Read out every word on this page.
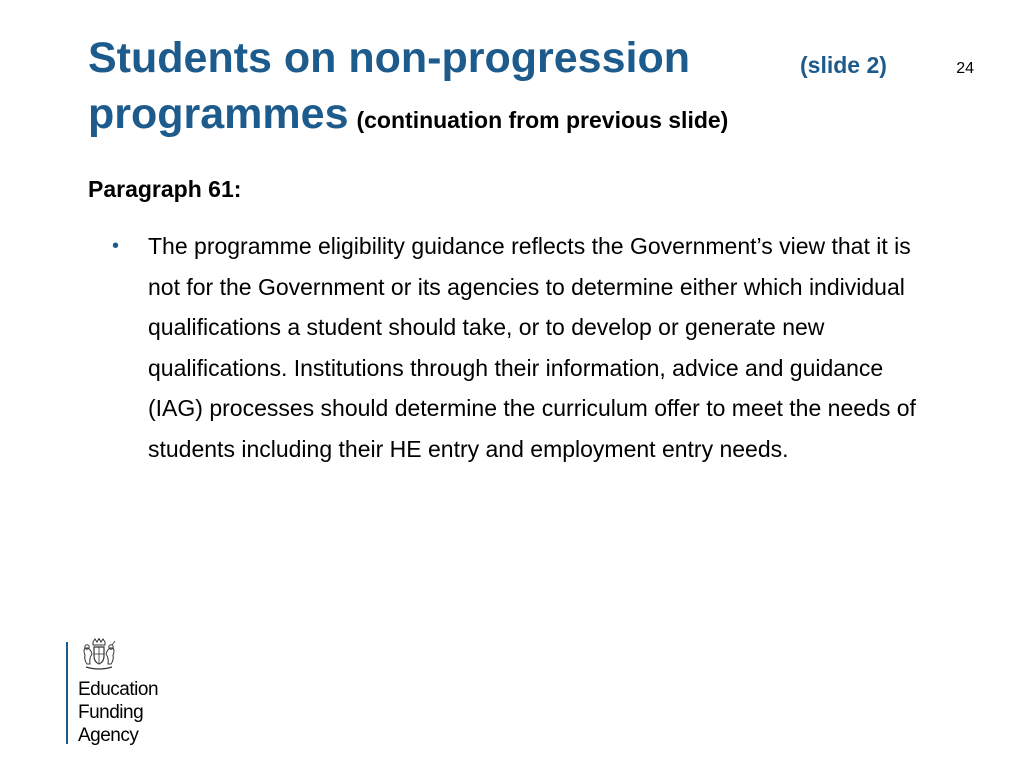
Students on non-progression	(slide 2)
programmes (continuation from previous slide)
24
Paragraph 61:
• The programme eligibility guidance reflects the Government’s view that it is not for the Government or its agencies to determine either which individual qualifications a student should take, or to develop or generate new qualifications. Institutions through their information, advice and guidance (IAG) processes should determine the curriculum offer to meet the needs of students including their HE entry and employment entry needs.
Education
Funding
Agency
